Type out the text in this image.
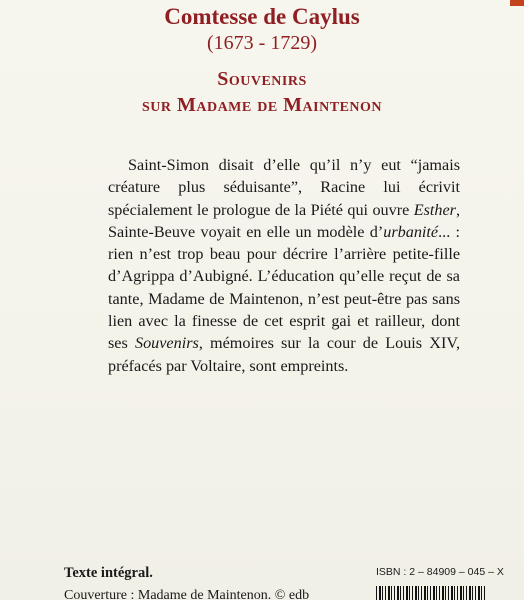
Comtesse de Caylus
(1673 - 1729)
Souvenirs
sur Madame de Maintenon

Saint-Simon disait d’elle qu’il n’y eut “jamais créature plus séduisante”, Racine lui écrivit spécialement le prologue de la Piété qui ouvre Esther, Sainte-Beuve voyait en elle un modèle d’urbanité... : rien n’est trop beau pour décrire l’arrière petite-fille d’Agrippa d’Aubigné. L’éducation qu’elle reçut de sa tante, Madame de Maintenon, n’est peut-être pas sans lien avec la finesse de cet esprit gai et railleur, dont ses Souvenirs, mémoires sur la cour de Louis XIV, préfacés par Voltaire, sont empreints.

Texte intégral.
Couverture : Madame de Maintenon. © edb
ISBN : 2 – 84909 – 045 – X
